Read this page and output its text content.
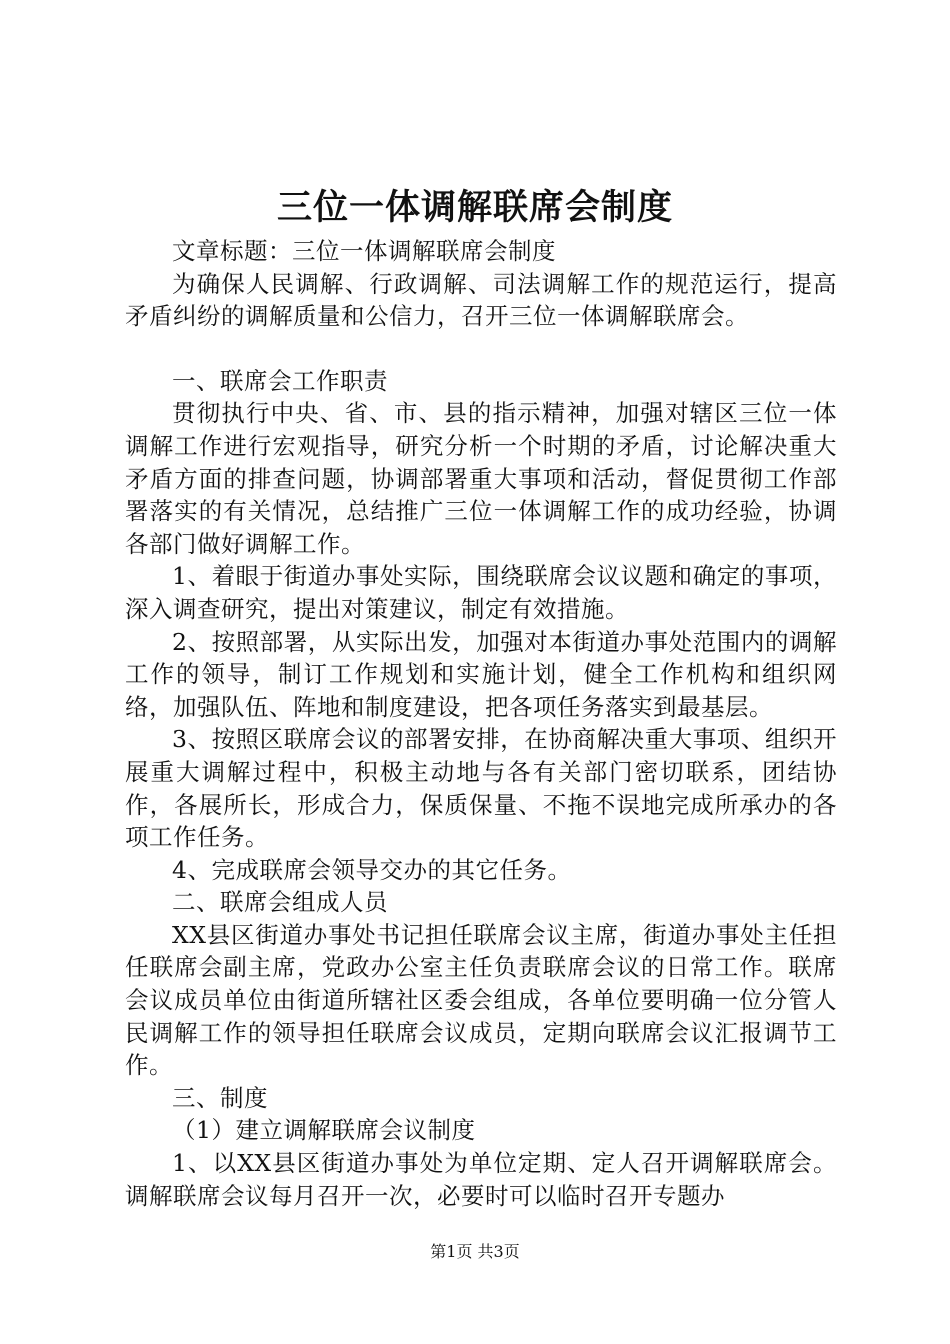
三位一体调解联席会制度

文章标题：三位一体调解联席会制度

为确保人民调解、行政调解、司法调解工作的规范运行，提高矛盾纠纷的调解质量和公信力，召开三位一体调解联席会。

一、联席会工作职责

贯彻执行中央、省、市、县的指示精神，加强对辖区三位一体调解工作进行宏观指导，研究分析一个时期的矛盾，讨论解决重大矛盾方面的排查问题，协调部署重大事项和活动，督促贯彻工作部署落实的有关情况，总结推广三位一体调解工作的成功经验，协调各部门做好调解工作。

1、着眼于街道办事处实际，围绕联席会议议题和确定的事项，深入调查研究，提出对策建议，制定有效措施。

2、按照部署，从实际出发，加强对本街道办事处范围内的调解工作的领导，制订工作规划和实施计划，健全工作机构和组织网络，加强队伍、阵地和制度建设，把各项任务落实到最基层。

3、按照区联席会议的部署安排，在协商解决重大事项、组织开展重大调解过程中，积极主动地与各有关部门密切联系，团结协作，各展所长，形成合力，保质保量、不拖不误地完成所承办的各项工作任务。

4、完成联席会领导交办的其它任务。

二、联席会组成人员

XX县区街道办事处书记担任联席会议主席，街道办事处主任担任联席会副主席，党政办公室主任负责联席会议的日常工作。联席会议成员单位由街道所辖社区委会组成，各单位要明确一位分管人民调解工作的领导担任联席会议成员，定期向联席会议汇报调节工作。

三、制度

（1）建立调解联席会议制度

1、以XX县区街道办事处为单位定期、定人召开调解联席会。调解联席会议每月召开一次，必要时可以临时召开专题办

第1页 共3页
